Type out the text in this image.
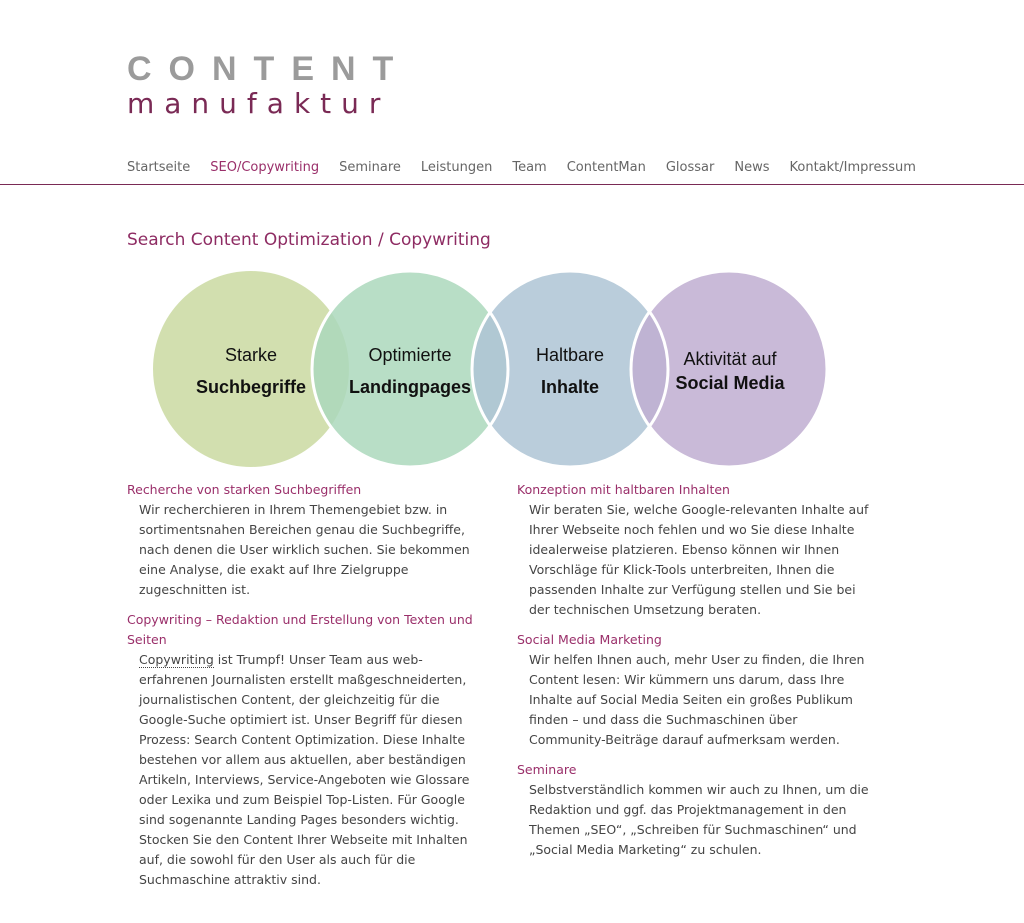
CONTENT
manufaktur
Startseite SEO/Copywriting Seminare Leistungen Team ContentMan Glossar News Kontakt/Impressum
Search Content Optimization / Copywriting
Starke
Suchbegriffe
Optimierte
Landingpages
Haltbare
Inhalte
Aktivität auf
Social Media
Recherche von starken Suchbegriffen

Wir recherchieren in Ihrem Themengebiet bzw. in sortimentsnahen Bereichen genau die Suchbegriffe, nach denen die User wirklich suchen. Sie bekommen eine Analyse, die exakt auf Ihre Zielgruppe zugeschnitten ist.

Copywriting – Redaktion und Erstellung von Texten und Seiten

Copywriting ist Trumpf! Unser Team aus web-erfahrenen Journalisten erstellt maßgeschneiderten, journalistischen Content, der gleichzeitig für die Google-Suche optimiert ist. Unser Begriff für diesen Prozess: Search Content Optimization. Diese Inhalte bestehen vor allem aus aktuellen, aber beständigen Artikeln, Interviews, Service-Angeboten wie Glossare oder Lexika und zum Beispiel Top-Listen. Für Google sind sogenannte Landing Pages besonders wichtig. Stocken Sie den Content Ihrer Webseite mit Inhalten auf, die sowohl für den User als auch für die Suchmaschine attraktiv sind.

Konzeption mit haltbaren Inhalten

Wir beraten Sie, welche Google-relevanten Inhalte auf Ihrer Webseite noch fehlen und wo Sie diese Inhalte idealerweise platzieren. Ebenso können wir Ihnen Vorschläge für Klick-Tools unterbreiten, Ihnen die passenden Inhalte zur Verfügung stellen und Sie bei der technischen Umsetzung beraten.

Social Media Marketing

Wir helfen Ihnen auch, mehr User zu finden, die Ihren Content lesen: Wir kümmern uns darum, dass Ihre Inhalte auf Social Media Seiten ein großes Publikum finden – und dass die Suchmaschinen über Community-Beiträge darauf aufmerksam werden.

Seminare

Selbstverständlich kommen wir auch zu Ihnen, um die Redaktion und ggf. das Projektmanagement in den Themen „SEO“, „Schreiben für Suchmaschinen“ und „Social Media Marketing“ zu schulen.
